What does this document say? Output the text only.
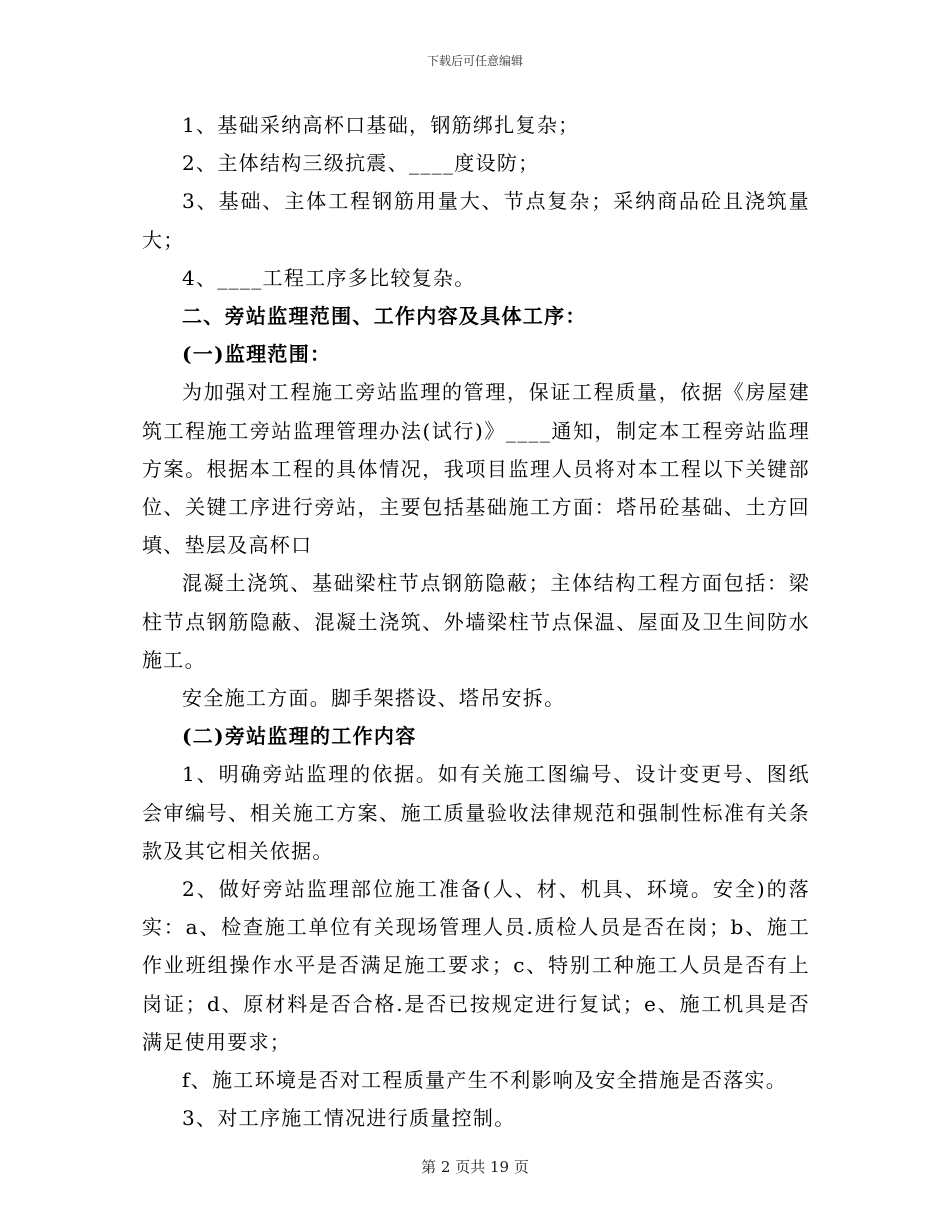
下载后可任意编辑

1、基础采纳高杯口基础，钢筋绑扎复杂；

2、主体结构三级抗震、____度设防；

3、基础、主体工程钢筋用量大、节点复杂；采纳商品砼且浇筑量大；

4、____工程工序多比较复杂。

二、旁站监理范围、工作内容及具体工序：

(一)监理范围：

为加强对工程施工旁站监理的管理，保证工程质量，依据《房屋建筑工程施工旁站监理管理办法(试行)》____通知，制定本工程旁站监理方案。根据本工程的具体情况，我项目监理人员将对本工程以下关键部位、关键工序进行旁站，主要包括基础施工方面：塔吊砼基础、土方回填、垫层及高杯口

混凝土浇筑、基础梁柱节点钢筋隐蔽；主体结构工程方面包括：梁柱节点钢筋隐蔽、混凝土浇筑、外墙梁柱节点保温、屋面及卫生间防水施工。

安全施工方面。脚手架搭设、塔吊安拆。

(二)旁站监理的工作内容

1、明确旁站监理的依据。如有关施工图编号、设计变更号、图纸会审编号、相关施工方案、施工质量验收法律规范和强制性标准有关条款及其它相关依据。

2、做好旁站监理部位施工准备(人、材、机具、环境。安全)的落实：a、检查施工单位有关现场管理人员.质检人员是否在岗；b、施工作业班组操作水平是否满足施工要求；c、特别工种施工人员是否有上岗证；d、原材料是否合格.是否已按规定进行复试；e、施工机具是否满足使用要求；

f、施工环境是否对工程质量产生不利影响及安全措施是否落实。

3、对工序施工情况进行质量控制。

第 2 页共 19 页
